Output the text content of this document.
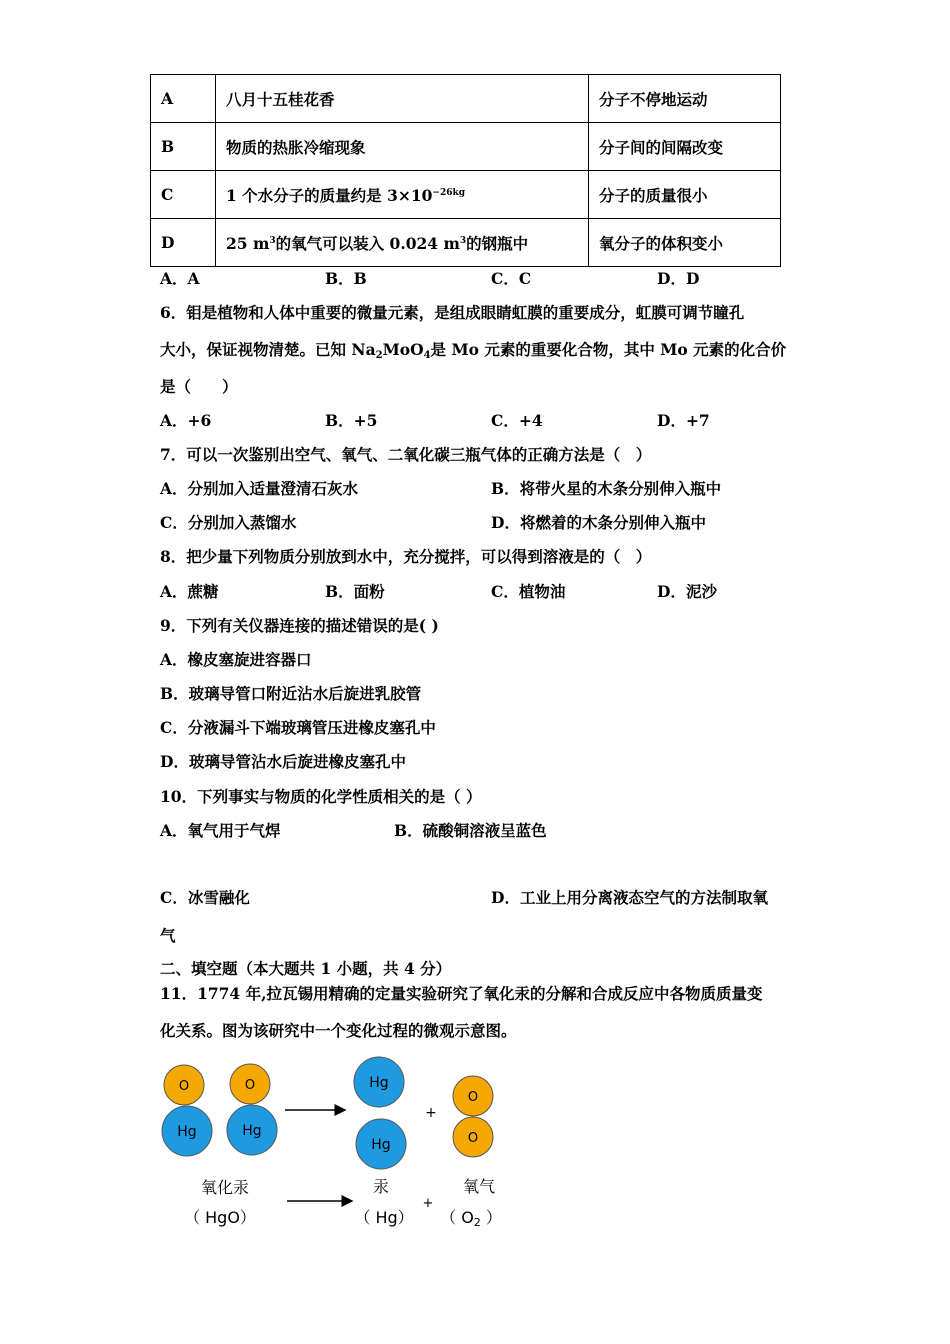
A	八月十五桂花香	分子不停地运动
B	物质的热胀冷缩现象	分子间的间隔改变
C	1 个水分子的质量约是 $3\times 10^{-26kg}$	分子的质量很小
D	25 $m^3$的氧气可以装入 0.024 $m^3$的钢瓶中	氧分子的体积变小
A．A	B．B	C．C	D．D
6．钼是植物和人体中重要的微量元素，是组成眼睛虹膜的重要成分，虹膜可调节瞳孔
大小，保证视物清楚。已知 $Na_2MoO_4$是 Mo 元素的重要化合物，其中 Mo 元素的化合价
是（　　）
A．+6	B．+5	C．+4	D．+7
7．可以一次鉴别出空气、氧气、二氧化碳三瓶气体的正确方法是（　）
A．分别加入适量澄清石灰水	B．将带火星的木条分别伸入瓶中
C．分别加入蒸馏水	D．将燃着的木条分别伸入瓶中
8．把少量下列物质分别放到水中，充分搅拌，可以得到溶液是的（　）
A．蔗糖	B．面粉	C．植物油	D．泥沙
9．下列有关仪器连接的描述错误的是( )
A．橡皮塞旋进容器口
B．玻璃导管口附近沾水后旋进乳胶管
C．分液漏斗下端玻璃管压进橡皮塞孔中
D．玻璃导管沾水后旋进橡皮塞孔中
10．下列事实与物质的化学性质相关的是（ ）
A．氧气用于气焊	B．硫酸铜溶液呈蓝色
C．冰雪融化	D．工业上用分离液态空气的方法制取氧
气
二、填空题（本大题共 1 小题，共 4 分）
11．1774 年,拉瓦锡用精确的定量实验研究了氧化汞的分解和合成反应中各物质质量变
化关系。图为该研究中一个变化过程的微观示意图。
O
Hg
O
Hg
Hg
Hg
+
O
O
氧化汞	汞	氧气
+
（ HgO）	（ Hg） （ O2 ）
